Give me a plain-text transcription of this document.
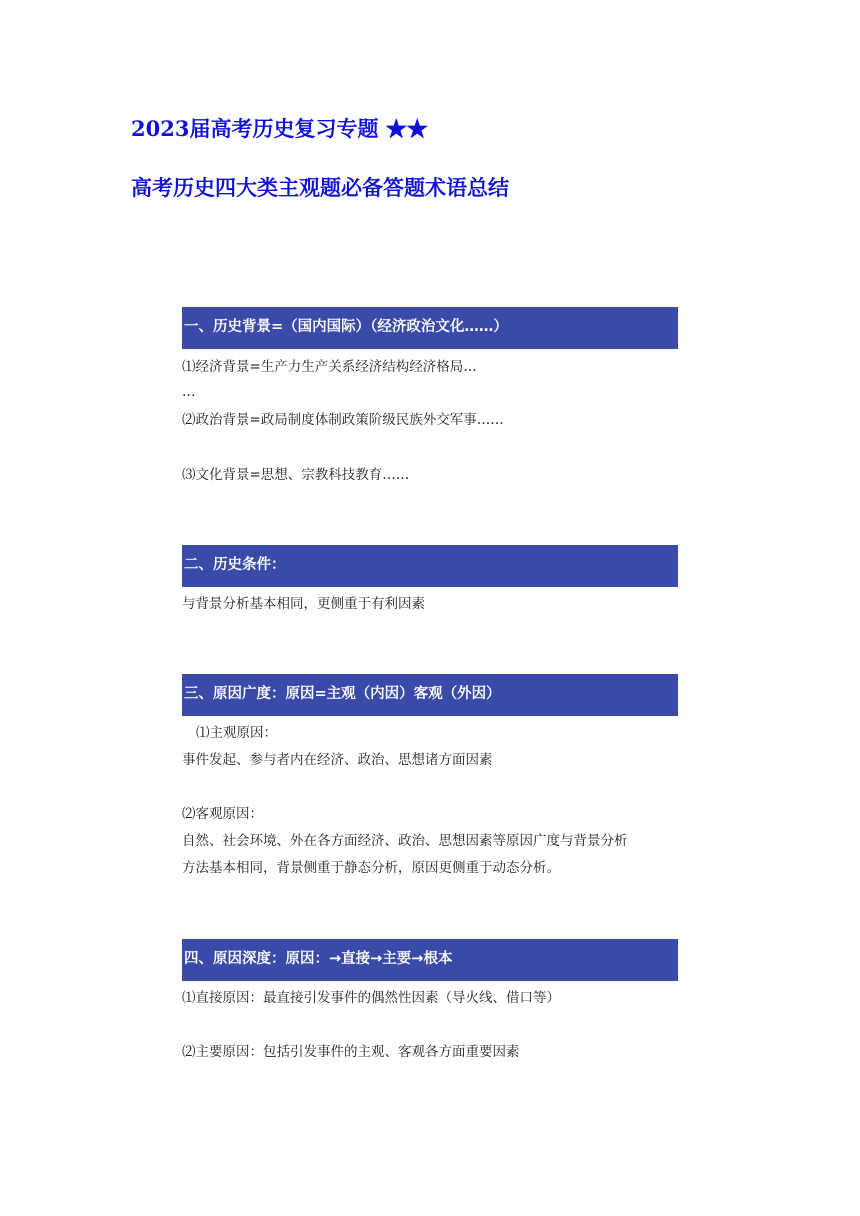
2023届高考历史复习专题 ★★
高考历史四大类主观题必备答题术语总结
一、历史背景=（国内国际）（经济政治文化……）
⑴经济背景=生产力生产关系经济结构经济格局…
…
⑵政治背景=政局制度体制政策阶级民族外交军事……
⑶文化背景=思想、宗教科技教育……
二、历史条件：
与背景分析基本相同，更侧重于有利因素
三、原因广度：原因=主观（内因）客观（外因）
⑴主观原因：
事件发起、参与者内在经济、政治、思想诸方面因素
⑵客观原因：
自然、社会环境、外在各方面经济、政治、思想因素等原因广度与背景分析
方法基本相同，背景侧重于静态分析，原因更侧重于动态分析。
四、原因深度：原因：→直接→主要→根本
⑴直接原因：最直接引发事件的偶然性因素（导火线、借口等）
⑵主要原因：包括引发事件的主观、客观各方面重要因素
